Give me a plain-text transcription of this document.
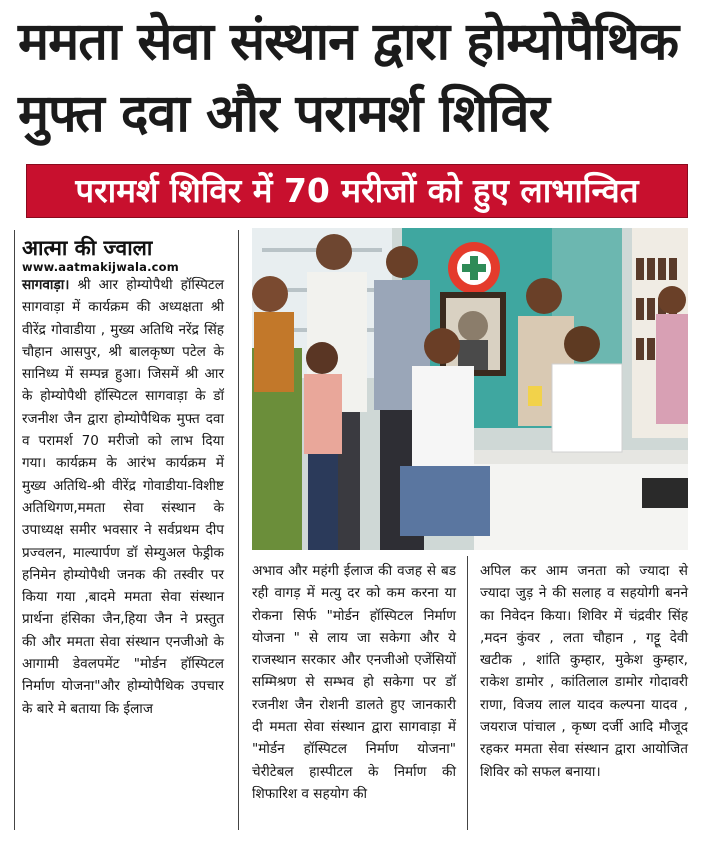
ममता सेवा संस्थान द्वारा होम्योपैथिक
मुफ्त दवा और परामर्श शिविर
परामर्श शिविर में 70 मरीजों को हुए लाभान्वित
आत्मा की ज्वाला
www.aatmakijwala.com

सागवाड़ा। श्री आर होम्योपैथी हॉस्पिटल सागवाड़ा में कार्यक्रम की अध्यक्षता श्री वीरेंद्र गोवाडीया , मुख्य अतिथि नरेंद्र सिंह चौहान आसपुर, श्री बालकृष्ण पटेल के सानिध्य में सम्पन्न हुआ। जिसमें श्री आर के होम्योपैथी हॉस्पिटल सागवाड़ा के डॉ रजनीश जैन द्वारा होम्योपैथिक मुफ्त दवा व परामर्श 70 मरीजो को लाभ दिया गया। कार्यक्रम के आरंभ कार्यक्रम में मुख्य अतिथि-श्री वीरेंद्र गोवाडीया-विशीष्ट अतिथिगण,ममता सेवा संस्थान के उपाध्यक्ष समीर भवसार ने सर्वप्रथम दीप प्रज्वलन, माल्यार्पण डॉ सेम्युअल फेड्रीक हनिमेन होम्योपैथी जनक की तस्वीर पर किया गया ,बादमे ममता सेवा संस्थान प्रार्थना हंसिका जैन,हिया जैन ने प्रस्तुत की और ममता सेवा संस्थान एनजीओ के आगामी डेवलपमेंट "मोर्डन हॉस्पिटल निर्माण योजना"और होम्योपैथिक उपचार के बारे मे बताया कि ईलाज

अभाव और महंगी ईलाज की वजह से बड रही वागड़ में मत्यु दर को कम करना या रोकना सिर्फ "मोर्डन हॉस्पिटल निर्माण योजना " से लाय जा सकेगा और ये राजस्थान सरकार और एनजीओ एजेंसियों सम्मिश्रण से सम्भव हो सकेगा पर डॉ रजनीश जैन रोशनी डालते हुए जानकारी दी ममता सेवा संस्थान द्वारा सागवाड़ा में "मोर्डन हॉस्पिटल निर्माण योजना" चेरीटेबल हास्पीटल के निर्माण की शिफारिश व सहयोग की

अपिल कर आम जनता को ज्यादा से ज्यादा जुड़ ने की सलाह व सहयोगी बनने का निवेदन किया। शिविर में चंद्रवीर सिंह ,मदन कुंवर , लता चौहान , गट्टू देवी खटीक , शांति कुम्हार, मुकेश कुम्हार, राकेश डामोर , कांतिलाल डामोर गोदावरी राणा, विजय लाल यादव कल्पना यादव , जयराज पांचाल , कृष्ण दर्जी आदि मौजूद रहकर ममता सेवा संस्थान द्वारा आयोजित शिविर को सफल बनाया।
